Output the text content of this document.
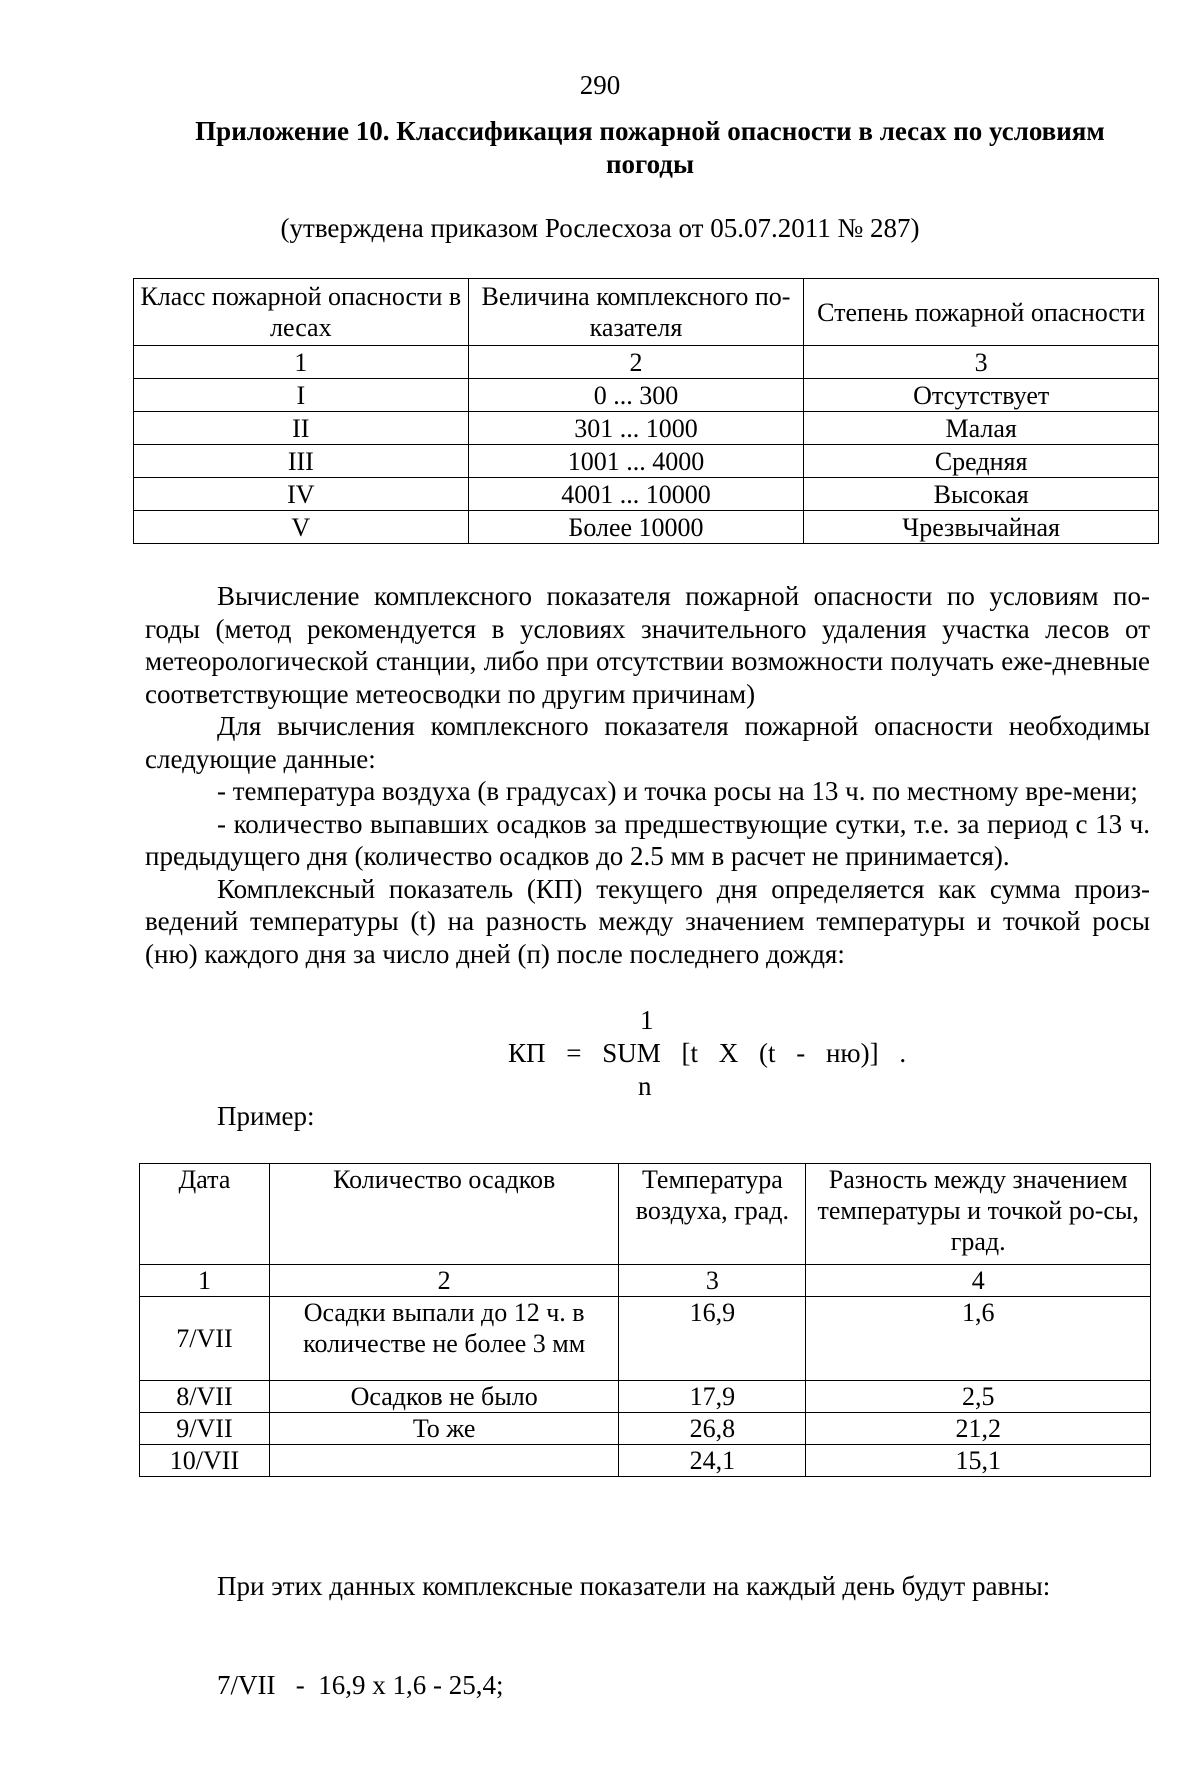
290
Приложение 10. Классификация пожарной опасности в лесах по условиям
погоды
(утверждена приказом Рослесхоза от 05.07.2011 № 287)
Класс пожарной опасности в лесах	Величина комплексного по-казателя	Степень пожарной опасности
1	2	3
I	0 ... 300	Отсутствует
II	301 ... 1000	Малая
III	1001 ... 4000	Средняя
IV	4001 ... 10000	Высокая
V	Более 10000	Чрезвычайная

Вычисление комплексного показателя пожарной опасности по условиям по-годы (метод рекомендуется в условиях значительного удаления участка лесов от метеорологической станции, либо при отсутствии возможности получать еже-дневные соответствующие метеосводки по другим причинам)

Для вычисления комплексного показателя пожарной опасности необходимы следующие данные:

- температура воздуха (в градусах) и точка росы на 13 ч. по местному вре-мени;

- количество выпавших осадков за предшествующие сутки, т.е. за период с 13 ч. предыдущего дня (количество осадков до 2.5 мм в расчет не принимается).

Комплексный показатель (КП) текущего дня определяется как сумма произ-ведений температуры (t) на разность между значением температуры и точкой росы (ню) каждого дня за число дней (п) после последнего дождя:

1
КП = SUM [t X (t - ню)] .
n
Пример:
Дата	Количество осадков	Температура воздуха, град.	Разность между значением температуры и точкой ро-сы, град.
1	2	3	4
7/VII	Осадки выпали до 12 ч. в количестве не более 3 мм	16,9	1,6
8/VII	Осадков не было	17,9	2,5
9/VII	То же	26,8	21,2
10/VII		24,1	15,1

При этих данных комплексные показатели на каждый день будут равны:

7/VII   -  16,9 х 1,6 - 25,4;
